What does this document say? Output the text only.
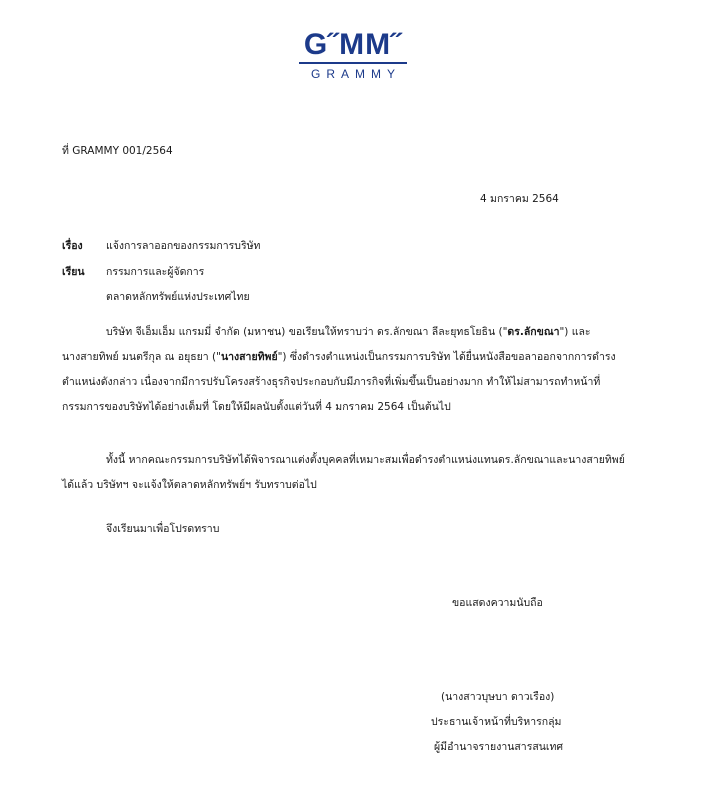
G˝MM˝
GRAMMY
ที่ GRAMMY 001/2564
4 มกราคม 2564
เรื่อง แจ้งการลาออกของกรรมการบริษัท
เรียน กรรมการและผู้จัดการ
ตลาดหลักทรัพย์แห่งประเทศไทย
บริษัท จีเอ็มเอ็ม แกรมมี่ จำกัด (มหาชน) ขอเรียนให้ทราบว่า ดร.ลักขณา ลีละยุทธโยธิน ("ดร.ลักขณา") และ
นางสายทิพย์ มนตรีกุล ณ อยุธยา ("นางสายทิพย์") ซึ่งดำรงตำแหน่งเป็นกรรมการบริษัท ได้ยื่นหนังสือขอลาออกจากการดำรง
ตำแหน่งดังกล่าว เนื่องจากมีการปรับโครงสร้างธุรกิจประกอบกับมีภารกิจที่เพิ่มขึ้นเป็นอย่างมาก ทำให้ไม่สามารถทำหน้าที่
กรรมการของบริษัทได้อย่างเต็มที่ โดยให้มีผลนับตั้งแต่วันที่ 4 มกราคม 2564 เป็นต้นไป
ทั้งนี้ หากคณะกรรมการบริษัทได้พิจารณาแต่งตั้งบุคคลที่เหมาะสมเพื่อดำรงตำแหน่งแทนดร.ลักขณาและนางสายทิพย์
ได้แล้ว บริษัทฯ จะแจ้งให้ตลาดหลักทรัพย์ฯ รับทราบต่อไป
จึงเรียนมาเพื่อโปรดทราบ
ขอแสดงความนับถือ
(นางสาวบุษบา ดาวเรือง)
ประธานเจ้าหน้าที่บริหารกลุ่ม
ผู้มีอำนาจรายงานสารสนเทศ
